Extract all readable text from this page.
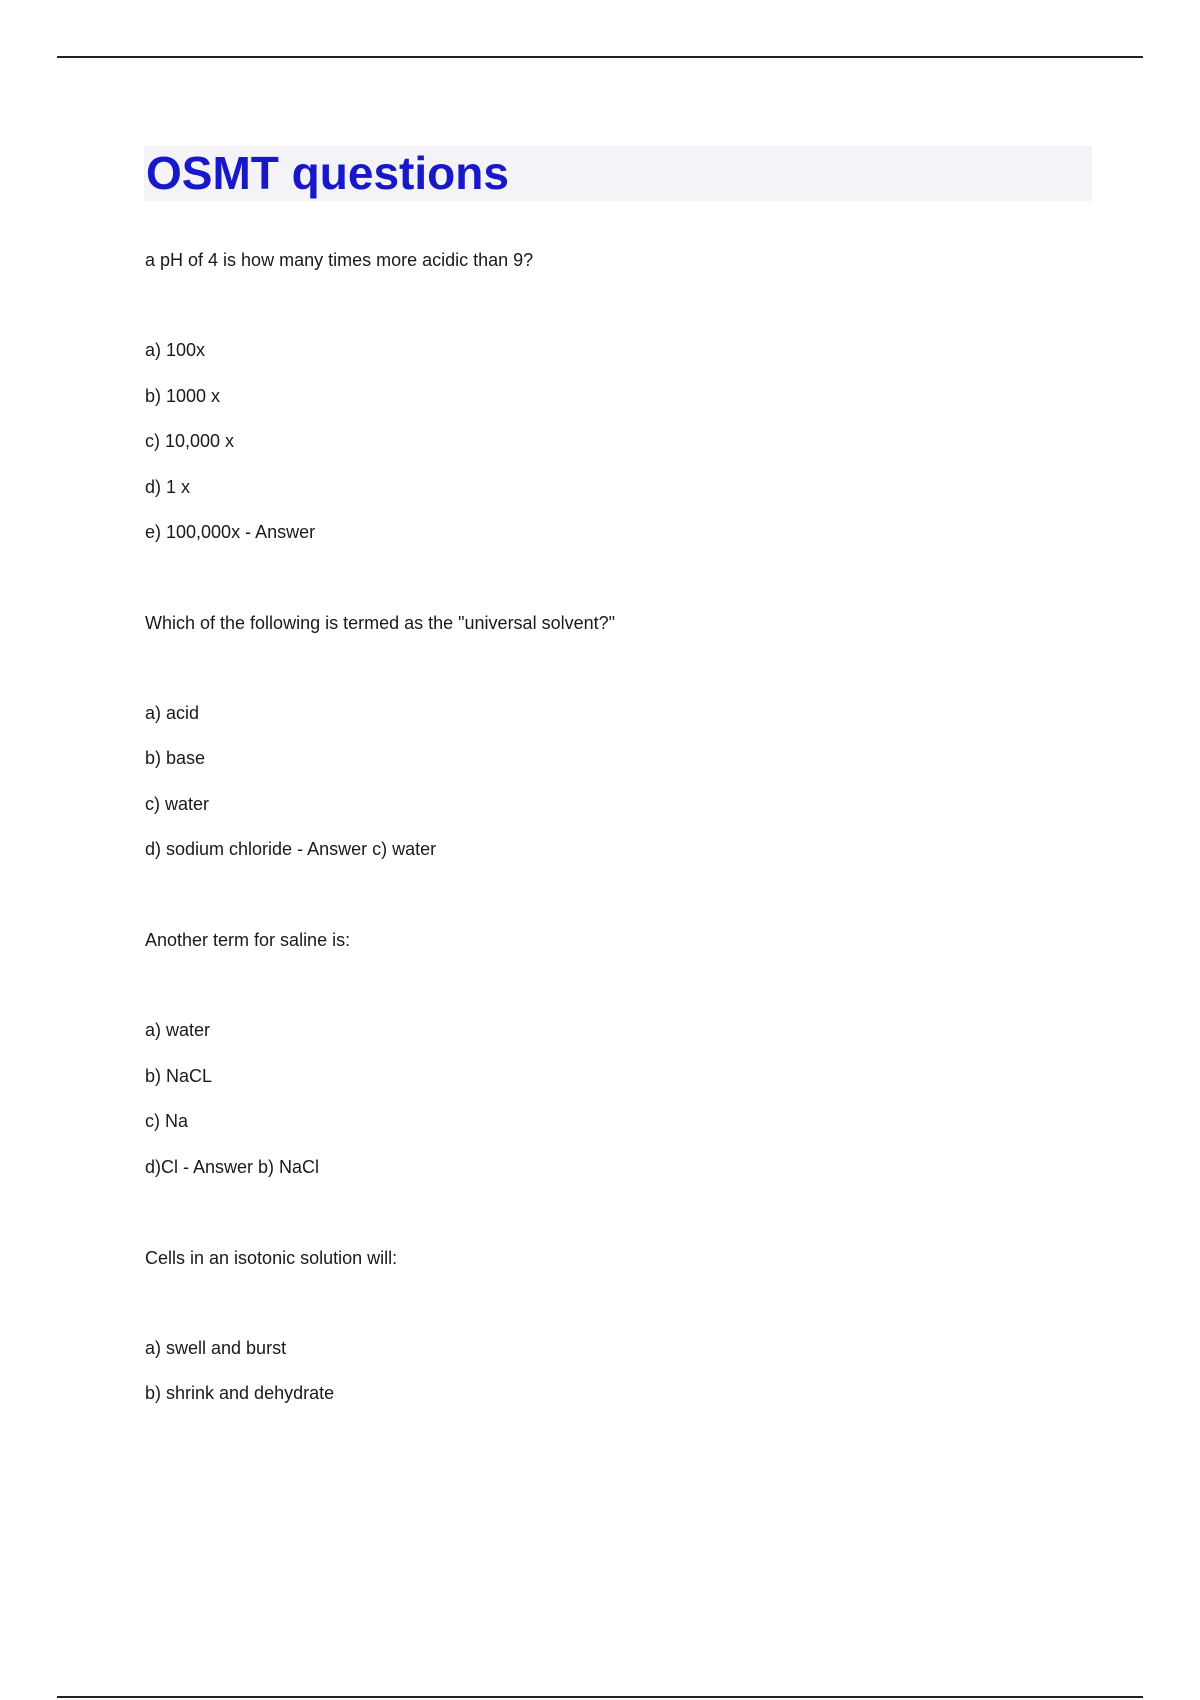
OSMT questions

a pH of 4 is how many times more acidic than 9?

a) 100x

b) 1000 x

c) 10,000 x

d) 1 x

e) 100,000x - Answer

Which of the following is termed as the "universal solvent?"

a) acid

b) base

c) water

d) sodium chloride - Answer c) water

Another term for saline is:

a) water

b) NaCL

c) Na

d)Cl - Answer b) NaCl

Cells in an isotonic solution will:

a) swell and burst

b) shrink and dehydrate
